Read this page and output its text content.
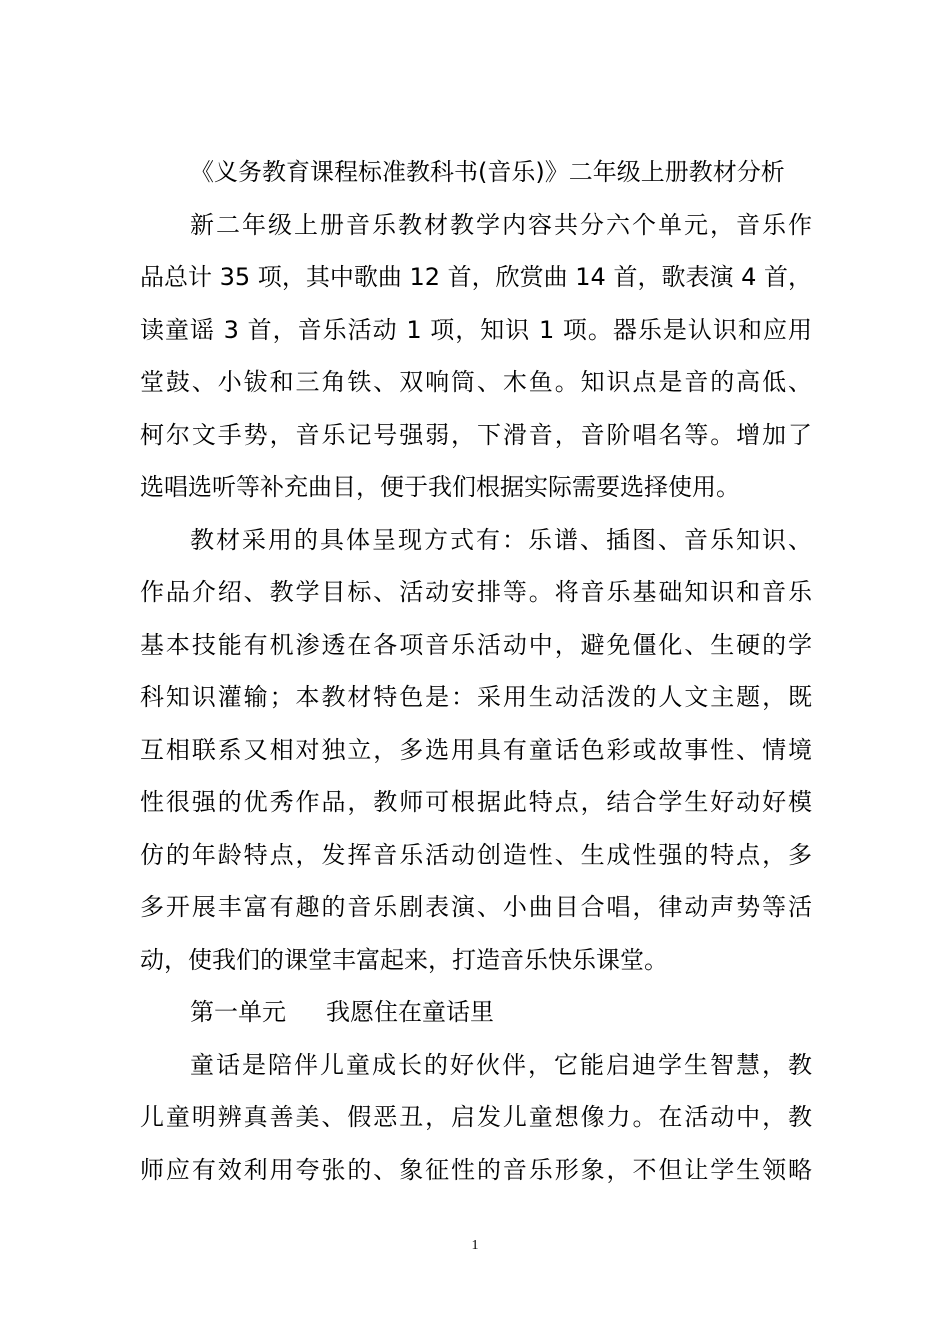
《义务教育课程标准教科书(音乐)》二年级上册教材分析
新二年级上册音乐教材教学内容共分六个单元，音乐作
品总计 35 项，其中歌曲 12 首，欣赏曲 14 首，歌表演 4 首，
读童谣 3 首，音乐活动 1 项，知识 1 项。器乐是认识和应用
堂鼓、小钹和三角铁、双响筒、木鱼。知识点是音的高低、
柯尔文手势，音乐记号强弱，下滑音，音阶唱名等。增加了
选唱选听等补充曲目，便于我们根据实际需要选择使用。
教材采用的具体呈现方式有：乐谱、插图、音乐知识、
作品介绍、教学目标、活动安排等。将音乐基础知识和音乐
基本技能有机渗透在各项音乐活动中，避免僵化、生硬的学
科知识灌输；本教材特色是：采用生动活泼的人文主题，既
互相联系又相对独立，多选用具有童话色彩或故事性、情境
性很强的优秀作品，教师可根据此特点，结合学生好动好模
仿的年龄特点，发挥音乐活动创造性、生成性强的特点，多
多开展丰富有趣的音乐剧表演、小曲目合唱，律动声势等活
动，使我们的课堂丰富起来，打造音乐快乐课堂。
第一单元 我愿住在童话里
童话是陪伴儿童成长的好伙伴，它能启迪学生智慧，教
儿童明辨真善美、假恶丑，启发儿童想像力。在活动中，教
师应有效利用夸张的、象征性的音乐形象，不但让学生领略
1
